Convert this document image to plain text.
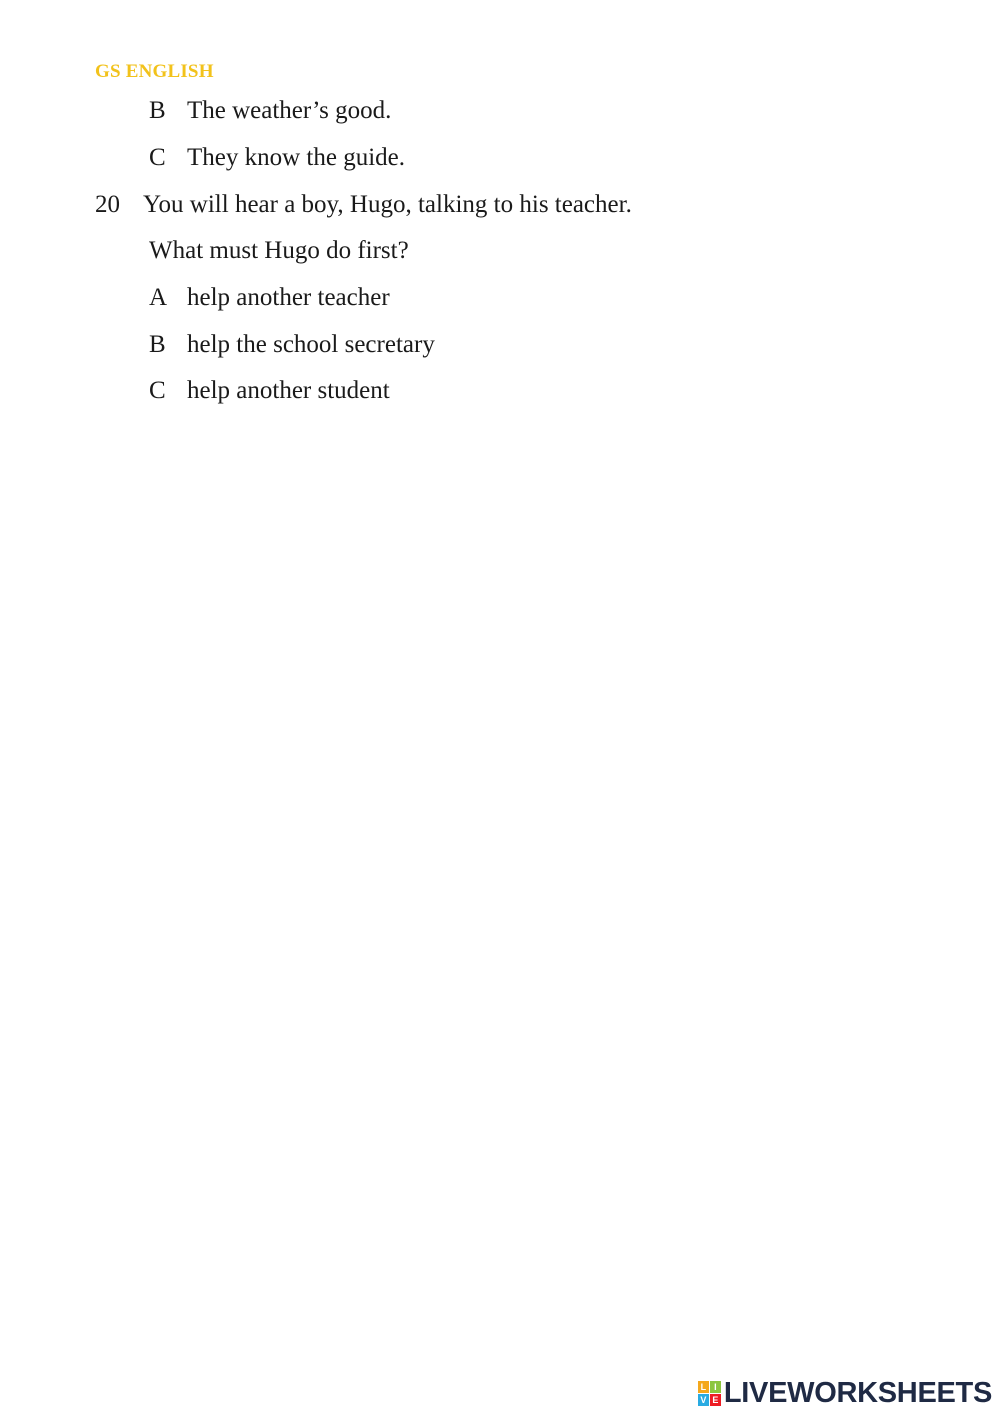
GS ENGLISH
B The weather’s good.
C They know the guide.
20 You will hear a boy, Hugo, talking to his teacher.
What must Hugo do first?
A help another teacher
B help the school secretary
C help another student
L I
V E LIVEWORKSHEETS
